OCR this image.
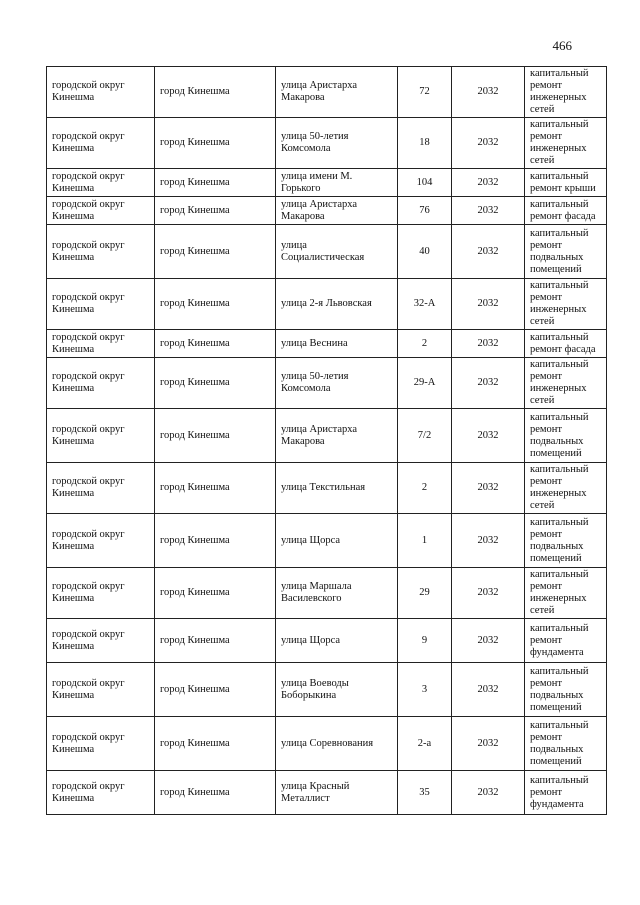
466
городской округ Кинешма	город Кинешма	улица Аристарха Макарова	72	2032	капитальный ремонт инженерных сетей
городской округ Кинешма	город Кинешма	улица 50-летия Комсомола	18	2032	капитальный ремонт инженерных сетей
городской округ Кинешма	город Кинешма	улица имени М. Горького	104	2032	капитальный ремонт крыши
городской округ Кинешма	город Кинешма	улица Аристарха Макарова	76	2032	капитальный ремонт фасада
городской округ Кинешма	город Кинешма	улица Социалистическая	40	2032	капитальный ремонт подвальных помещений
городской округ Кинешма	город Кинешма	улица 2-я Львовская	32-А	2032	капитальный ремонт инженерных сетей
городской округ Кинешма	город Кинешма	улица Веснина	2	2032	капитальный ремонт фасада
городской округ Кинешма	город Кинешма	улица 50-летия Комсомола	29-А	2032	капитальный ремонт инженерных сетей
городской округ Кинешма	город Кинешма	улица Аристарха Макарова	7/2	2032	капитальный ремонт подвальных помещений
городской округ Кинешма	город Кинешма	улица Текстильная	2	2032	капитальный ремонт инженерных сетей
городской округ Кинешма	город Кинешма	улица Щорса	1	2032	капитальный ремонт подвальных помещений
городской округ Кинешма	город Кинешма	улица Маршала Василевского	29	2032	капитальный ремонт инженерных сетей
городской округ Кинешма	город Кинешма	улица Щорса	9	2032	капитальный ремонт фундамента
городской округ Кинешма	город Кинешма	улица Воеводы Боборыкина	3	2032	капитальный ремонт подвальных помещений
городской округ Кинешма	город Кинешма	улица Соревнования	2-а	2032	капитальный ремонт подвальных помещений
городской округ Кинешма	город Кинешма	улица Красный Металлист	35	2032	капитальный ремонт фундамента
